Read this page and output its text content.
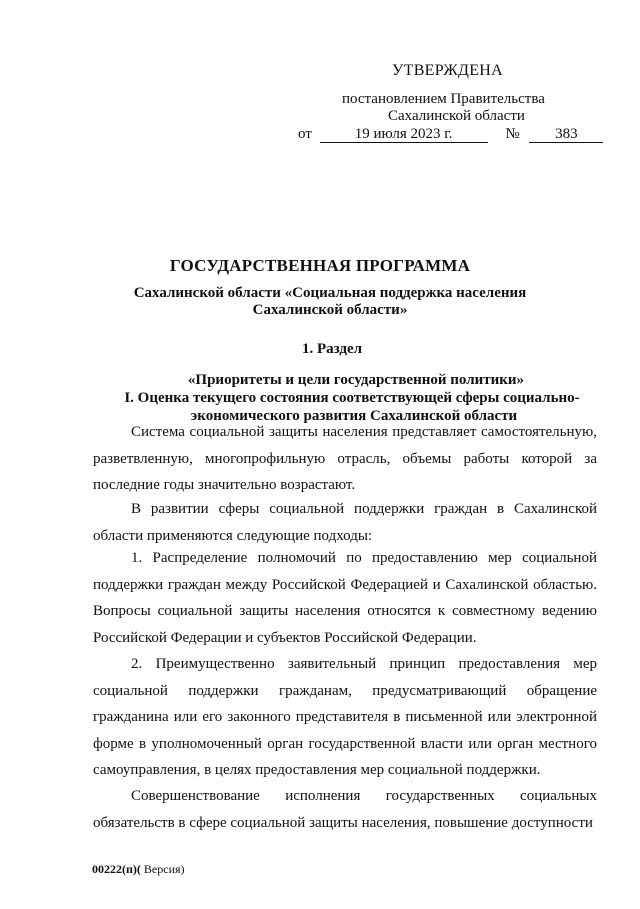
УТВЕРЖДЕНА
постановлением Правительства
Сахалинской области
от	19 июля 2023 г.	№ 383
ГОСУДАРСТВЕННАЯ ПРОГРАММА
Сахалинской области «Социальная поддержка населения
Сахалинской области»
1. Раздел
«Приоритеты и цели государственной политики»
I. Оценка текущего состояния соответствующей сферы социально-
экономического развития Сахалинской области

Система социальной защиты населения представляет самостоятельную, разветвленную, многопрофильную отрасль, объемы работы которой за последние годы значительно возрастают.

В развитии сферы социальной поддержки граждан в Сахалинской области применяются следующие подходы:

1. Распределение полномочий по предоставлению мер социальной поддержки граждан между Российской Федерацией и Сахалинской областью. Вопросы социальной защиты населения относятся к совместному ведению Российской Федерации и субъектов Российской Федерации.

2. Преимущественно заявительный принцип предоставления мер социальной поддержки гражданам, предусматривающий обращение гражданина или его законного представителя в письменной или электронной форме в уполномоченный орган государственной власти или орган местного самоуправления, в целях предоставления мер социальной поддержки.

Совершенствование исполнения государственных социальных обязательств в сфере социальной защиты населения, повышение доступности

00222(п)( Версия)
